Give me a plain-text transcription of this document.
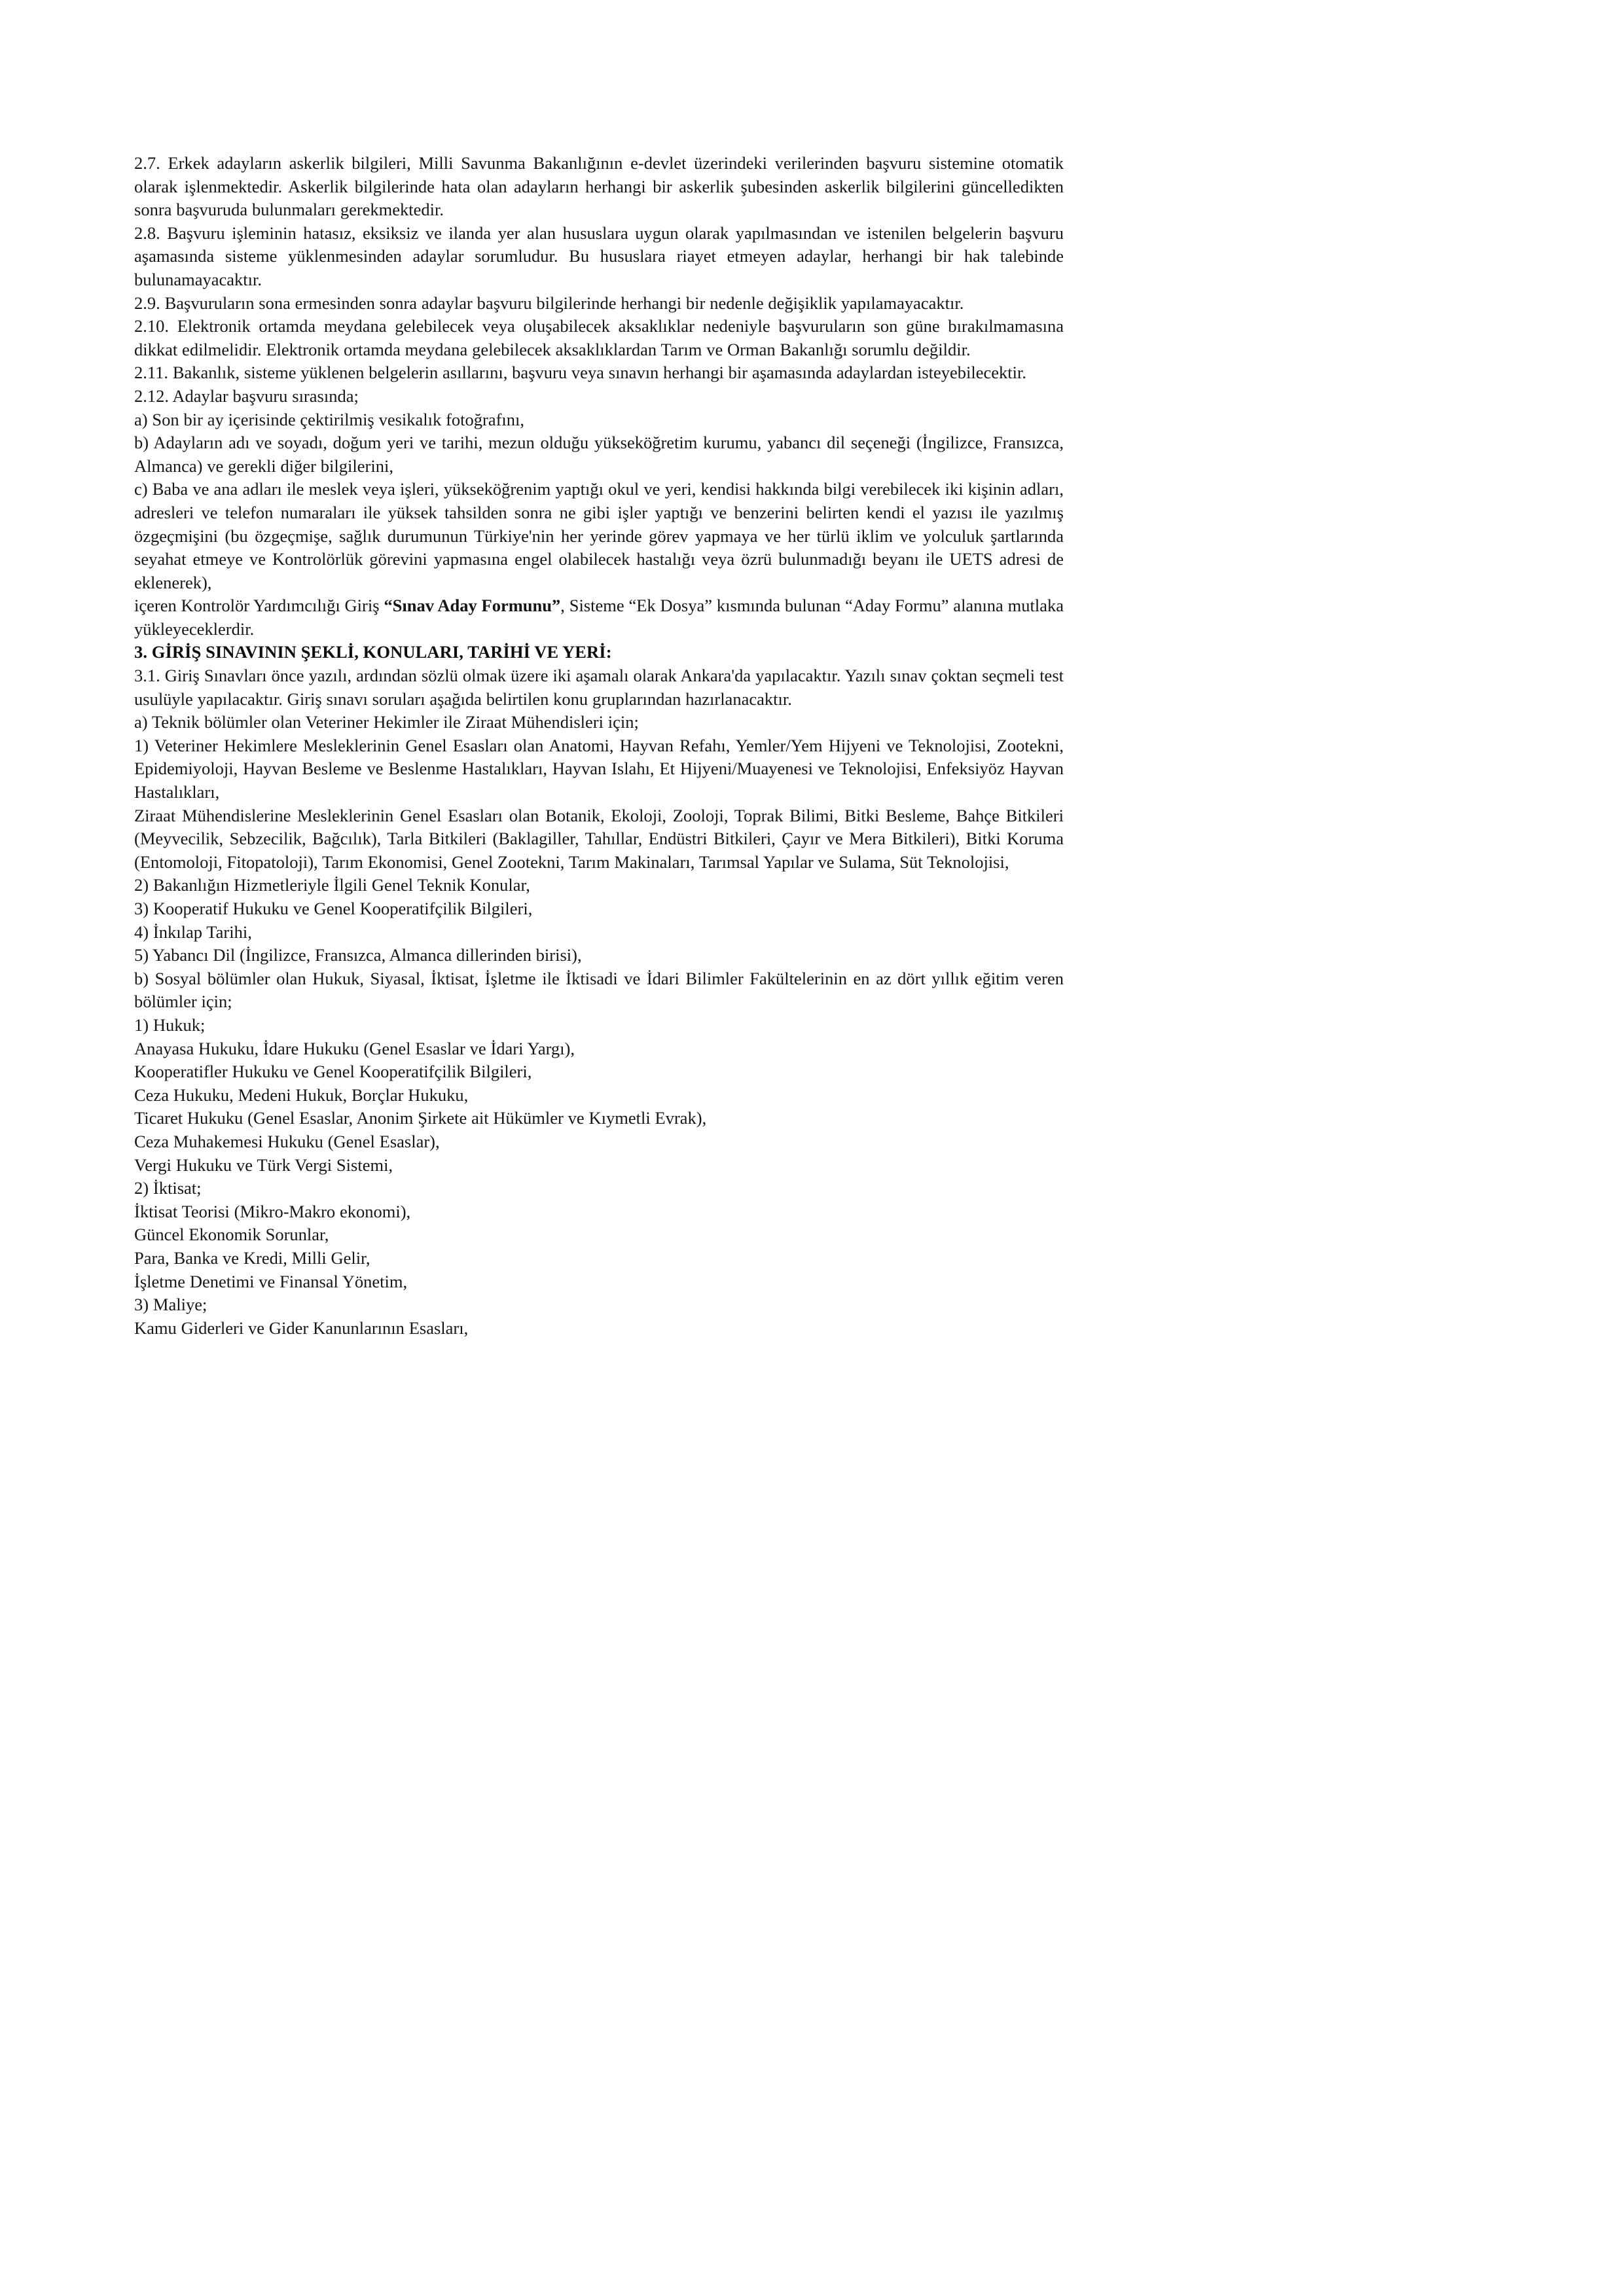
2.7. Erkek adayların askerlik bilgileri, Milli Savunma Bakanlığının e-devlet üzerindeki verilerinden başvuru sistemine otomatik olarak işlenmektedir. Askerlik bilgilerinde hata olan adayların herhangi bir askerlik şubesinden askerlik bilgilerini güncelledikten sonra başvuruda bulunmaları gerekmektedir.

2.8. Başvuru işleminin hatasız, eksiksiz ve ilanda yer alan hususlara uygun olarak yapılmasından ve istenilen belgelerin başvuru aşamasında sisteme yüklenmesinden adaylar sorumludur. Bu hususlara riayet etmeyen adaylar, herhangi bir hak talebinde bulunamayacaktır.

2.9. Başvuruların sona ermesinden sonra adaylar başvuru bilgilerinde herhangi bir nedenle değişiklik yapılamayacaktır.

2.10. Elektronik ortamda meydana gelebilecek veya oluşabilecek aksaklıklar nedeniyle başvuruların son güne bırakılmamasına dikkat edilmelidir. Elektronik ortamda meydana gelebilecek aksaklıklardan Tarım ve Orman Bakanlığı sorumlu değildir.

2.11. Bakanlık, sisteme yüklenen belgelerin asıllarını, başvuru veya sınavın herhangi bir aşamasında adaylardan isteyebilecektir.

2.12. Adaylar başvuru sırasında;

a) Son bir ay içerisinde çektirilmiş vesikalık fotoğrafını,

b) Adayların adı ve soyadı, doğum yeri ve tarihi, mezun olduğu yükseköğretim kurumu, yabancı dil seçeneği (İngilizce, Fransızca, Almanca) ve gerekli diğer bilgilerini,

c) Baba ve ana adları ile meslek veya işleri, yükseköğrenim yaptığı okul ve yeri, kendisi hakkında bilgi verebilecek iki kişinin adları, adresleri ve telefon numaraları ile yüksek tahsilden sonra ne gibi işler yaptığı ve benzerini belirten kendi el yazısı ile yazılmış özgeçmişini (bu özgeçmişe, sağlık durumunun Türkiye'nin her yerinde görev yapmaya ve her türlü iklim ve yolculuk şartlarında seyahat etmeye ve Kontrolörlük görevini yapmasına engel olabilecek hastalığı veya özrü bulunmadığı beyanı ile UETS adresi de eklenerek),

içeren Kontrolör Yardımcılığı Giriş “Sınav Aday Formunu”, Sisteme “Ek Dosya” kısmında bulunan “Aday Formu” alanına mutlaka yükleyeceklerdir.

3. GİRİŞ SINAVININ ŞEKLİ, KONULARI, TARİHİ VE YERİ:

3.1. Giriş Sınavları önce yazılı, ardından sözlü olmak üzere iki aşamalı olarak Ankara'da yapılacaktır. Yazılı sınav çoktan seçmeli test usulüyle yapılacaktır. Giriş sınavı soruları aşağıda belirtilen konu gruplarından hazırlanacaktır.

a) Teknik bölümler olan Veteriner Hekimler ile Ziraat Mühendisleri için;

1) Veteriner Hekimlere Mesleklerinin Genel Esasları olan Anatomi, Hayvan Refahı, Yemler/Yem Hijyeni ve Teknolojisi, Zootekni, Epidemiyoloji, Hayvan Besleme ve Beslenme Hastalıkları, Hayvan Islahı, Et Hijyeni/Muayenesi ve Teknolojisi, Enfeksiyöz Hayvan Hastalıkları,

Ziraat Mühendislerine Mesleklerinin Genel Esasları olan Botanik, Ekoloji, Zooloji, Toprak Bilimi, Bitki Besleme, Bahçe Bitkileri (Meyvecilik, Sebzecilik, Bağcılık), Tarla Bitkileri (Baklagiller, Tahıllar, Endüstri Bitkileri, Çayır ve Mera Bitkileri), Bitki Koruma (Entomoloji, Fitopatoloji), Tarım Ekonomisi, Genel Zootekni, Tarım Makinaları, Tarımsal Yapılar ve Sulama, Süt Teknolojisi,

2) Bakanlığın Hizmetleriyle İlgili Genel Teknik Konular,

3) Kooperatif Hukuku ve Genel Kooperatifçilik Bilgileri,

4) İnkılap Tarihi,

5) Yabancı Dil (İngilizce, Fransızca, Almanca dillerinden birisi),

b) Sosyal bölümler olan Hukuk, Siyasal, İktisat, İşletme ile İktisadi ve İdari Bilimler Fakültelerinin en az dört yıllık eğitim veren bölümler için;

1) Hukuk;

Anayasa Hukuku, İdare Hukuku (Genel Esaslar ve İdari Yargı),

Kooperatifler Hukuku ve Genel Kooperatifçilik Bilgileri,

Ceza Hukuku, Medeni Hukuk, Borçlar Hukuku,

Ticaret Hukuku (Genel Esaslar, Anonim Şirkete ait Hükümler ve Kıymetli Evrak),

Ceza Muhakemesi Hukuku (Genel Esaslar),

Vergi Hukuku ve Türk Vergi Sistemi,

2) İktisat;

İktisat Teorisi (Mikro-Makro ekonomi),

Güncel Ekonomik Sorunlar,

Para, Banka ve Kredi, Milli Gelir,

İşletme Denetimi ve Finansal Yönetim,

3) Maliye;

Kamu Giderleri ve Gider Kanunlarının Esasları,
